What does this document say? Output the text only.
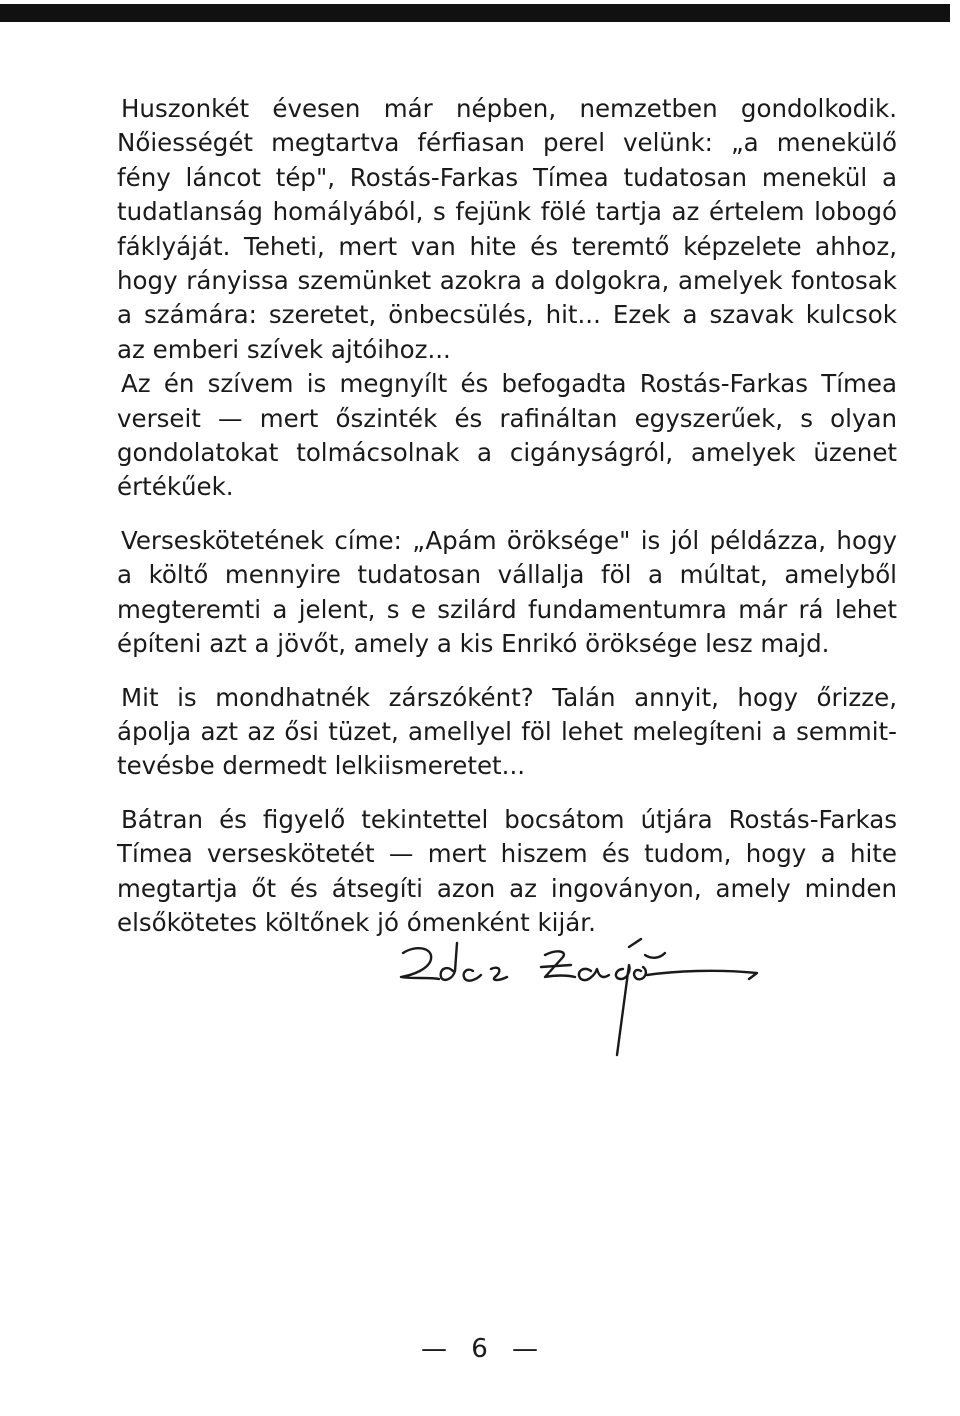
Huszonkét évesen már népben, nemzetben gondolkodik. Nőiességét megtartva férfiasan perel velünk: „a menekülő fény láncot tép", Rostás-Farkas Tímea tudatosan menekül a tudatlanság homályából, s fejünk fölé tartja az értelem lobogó fáklyáját. Teheti, mert van hite és teremtő képzelete ahhoz, hogy rányissa szemünket azokra a dolgokra, amelyek fontosak a számára: szeretet, önbecsülés, hit... Ezek a szavak kulcsok az emberi szívek ajtóihoz...

Az én szívem is megnyílt és befogadta Rostás-Farkas Tímea verseit — mert őszinték és rafináltan egyszerűek, s olyan gondolatokat tolmácsolnak a cigányságról, amelyek üzenet értékűek.

Verseskötetének címe: „Apám öröksége" is jól példázza, hogy a költő mennyire tudatosan vállalja föl a múltat, amelyből megteremti a jelent, s e szilárd fundamentumra már rá lehet építeni azt a jövőt, amely a kis Enrikó öröksége lesz majd.

Mit is mondhatnék zárszóként? Talán annyit, hogy őrizze, ápolja azt az ősi tüzet, amellyel föl lehet melegíteni a semmittevésbe dermedt lelkiismeretet...

Bátran és figyelő tekintettel bocsátom útjára Rostás-Farkas Tímea verseskötetét — mert hiszem és tudom, hogy a hite megtartja őt és átsegíti azon az ingoványon, amely minden elsőkötetes költőnek jó ómenként kijár.

— 6 —
